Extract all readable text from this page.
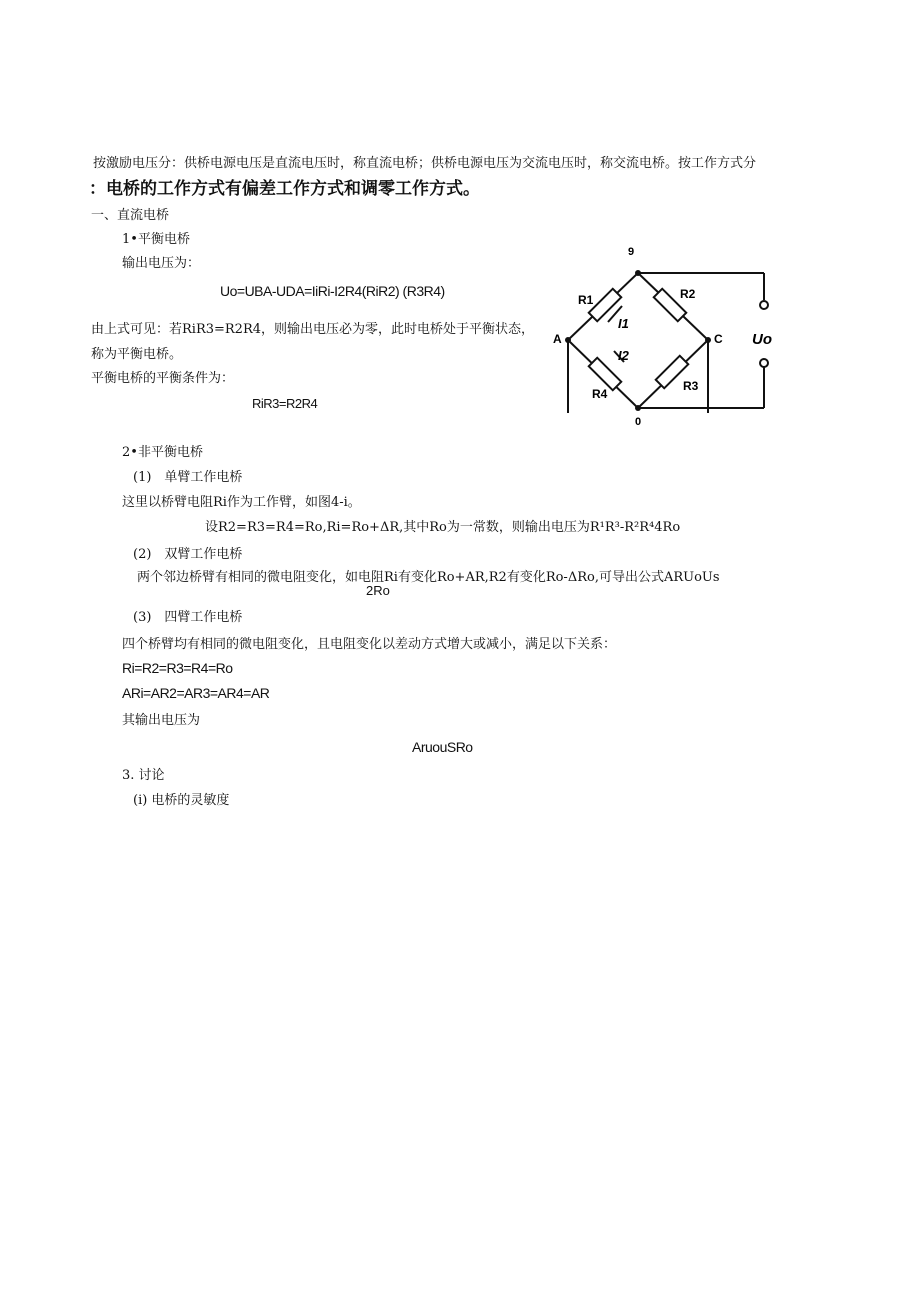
按激励电压分：供桥电源电压是直流电压时，称直流电桥；供桥电源电压为交流电压时，称交流电桥。按工作方式分
：电桥的工作方式有偏差工作方式和调零工作方式。
一、直流电桥
1•平衡电桥
输出电压为：
Uo=UBA-UDA=IiRi-I2R4(RiR2) (R3R4)
由上式可见：若RiR3=R2R4，则输出电压必为零，此时电桥处于平衡状态，
称为平衡电桥。
平衡电桥的平衡条件为：
RiR3=R2R4
9
0
A	C
R1	R2
R3
R4
I1
I2
Uo
2•非平衡电桥
(1)　单臂工作电桥
这里以桥臂电阻Ri作为工作臂，如图4-i。
设R2=R3=R4=Ro,Ri=Ro+ΔR,其中Ro为一常数，则输出电压为R¹R³-R²R⁴4Ro
(2)　双臂工作电桥
两个邻边桥臂有相同的微电阻变化，如电阻Ri有变化Ro+AR,R2有变化Ro-ΔRo,可导出公式ARUoUs
2Ro
(3)　四臂工作电桥
四个桥臂均有相同的微电阻变化，且电阻变化以差动方式增大或减小，满足以下关系：
Ri=R2=R3=R4=Ro
ARi=AR2=AR3=AR4=AR
其输出电压为
AruouSRo
3. 讨论
(i) 电桥的灵敏度
